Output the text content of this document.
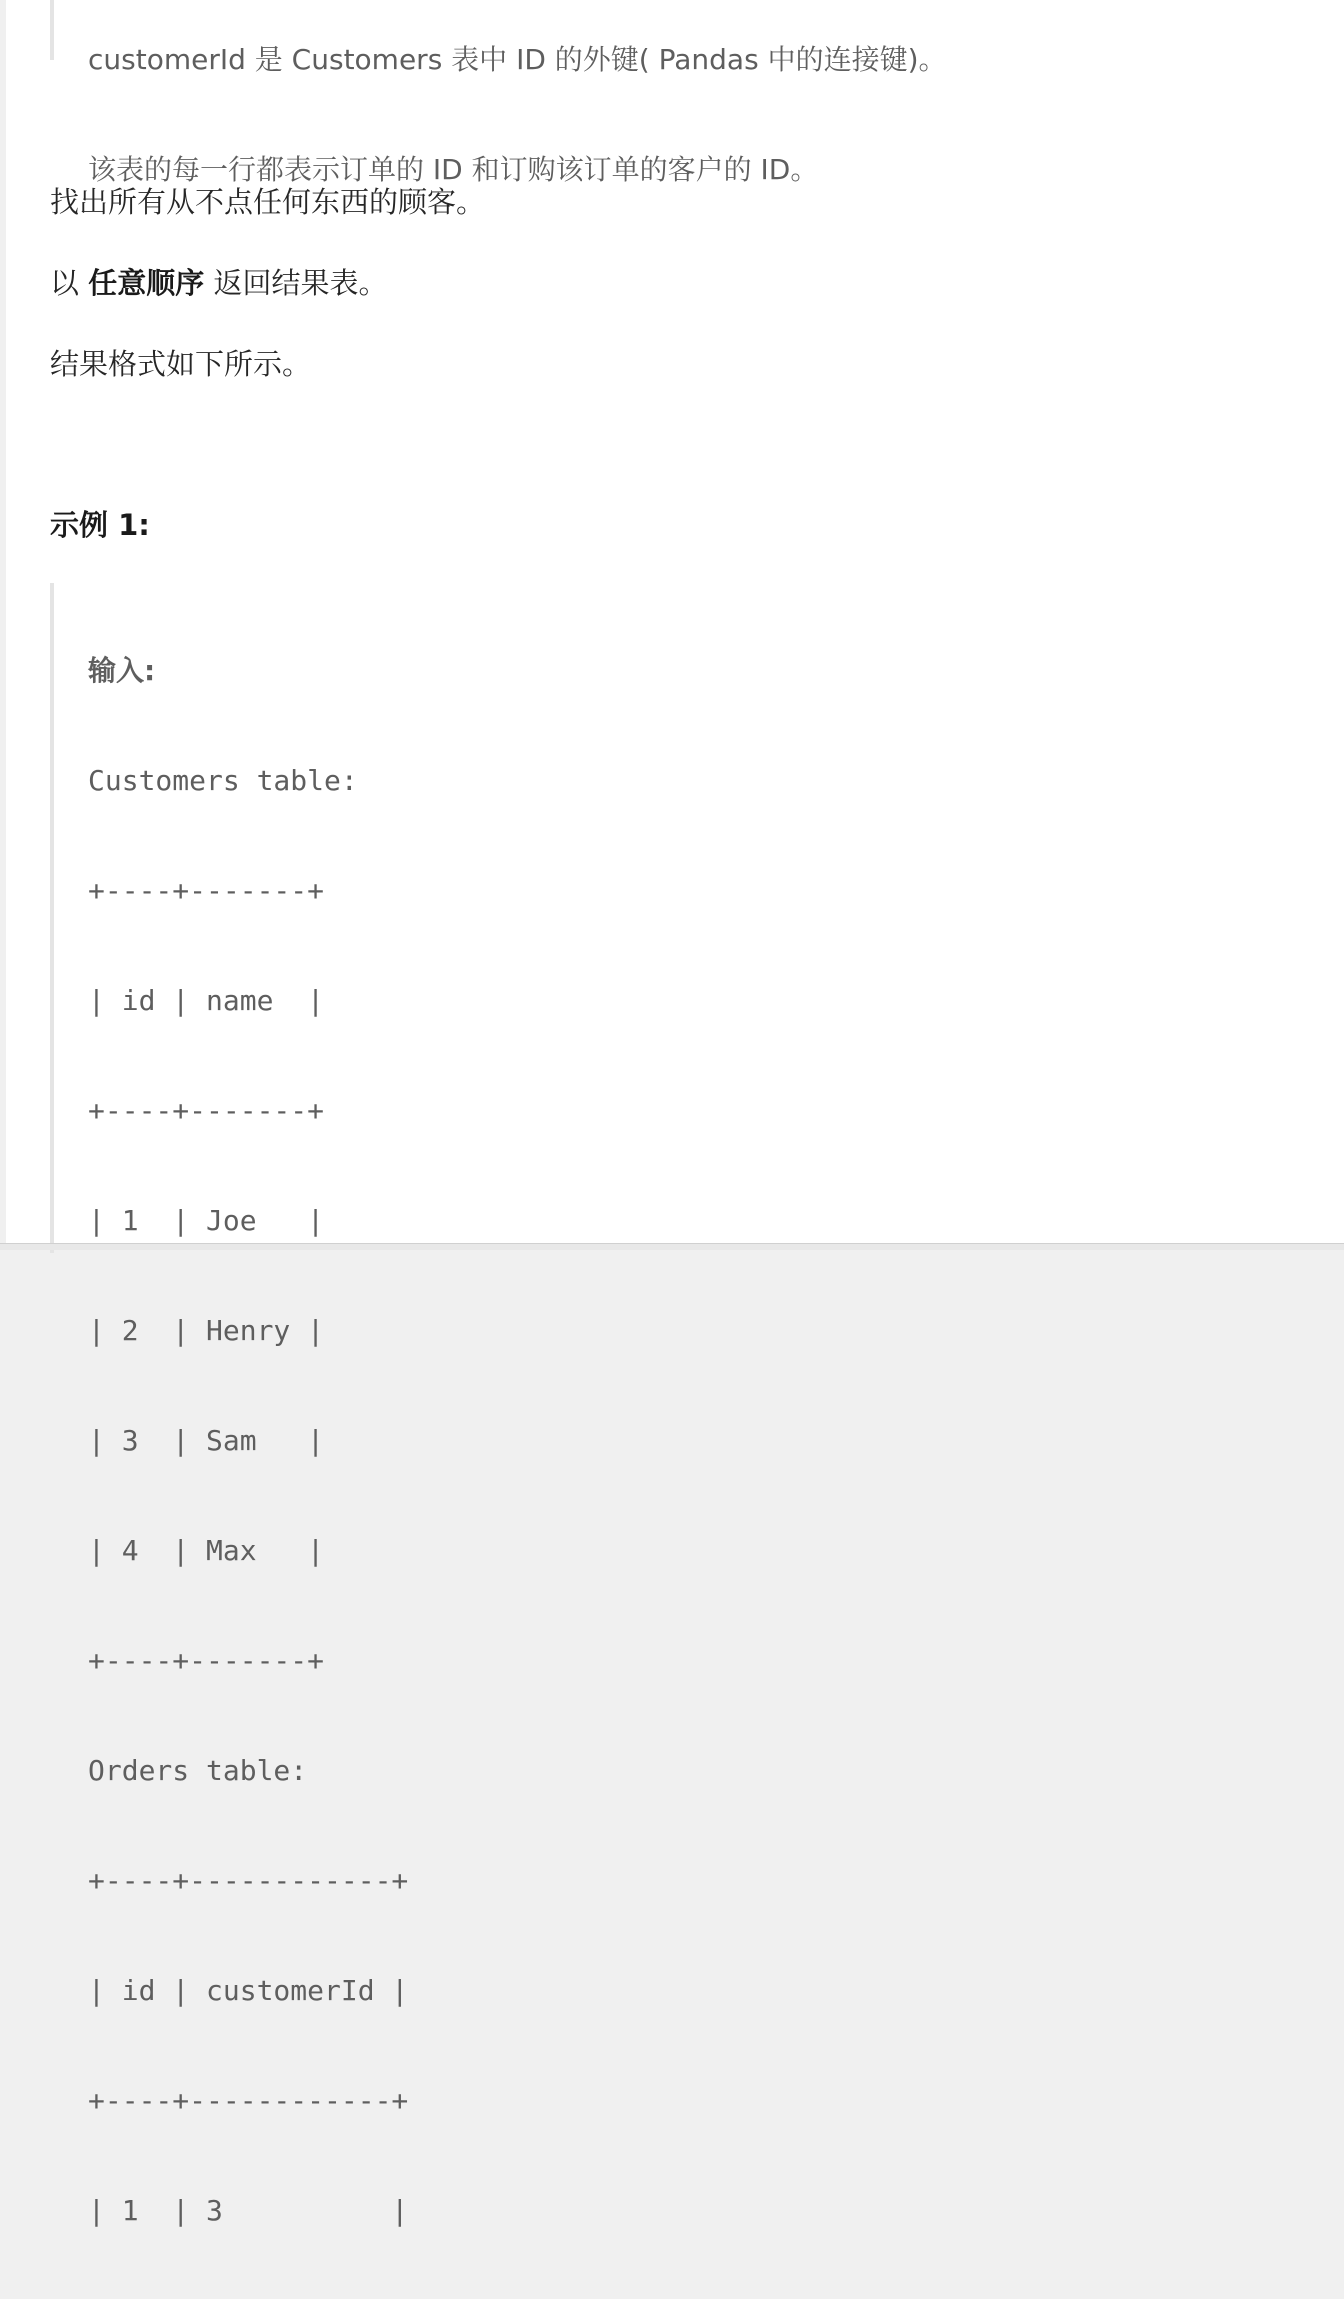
customerId 是 Customers 表中 ID 的外键( Pandas 中的连接键)。

该表的每一行都表示订单的 ID 和订购该订单的客户的 ID。

找出所有从不点任何东西的顾客。
以 任意顺序 返回结果表。
结果格式如下所示。
示例 1:

输入:

Customers table:

+----+-------+

| id | name  |

+----+-------+

| 1  | Joe   |

| 2  | Henry |

| 3  | Sam   |

| 4  | Max   |

+----+-------+

Orders table:

+----+------------+

| id | customerId |

+----+------------+

| 1  | 3          |
